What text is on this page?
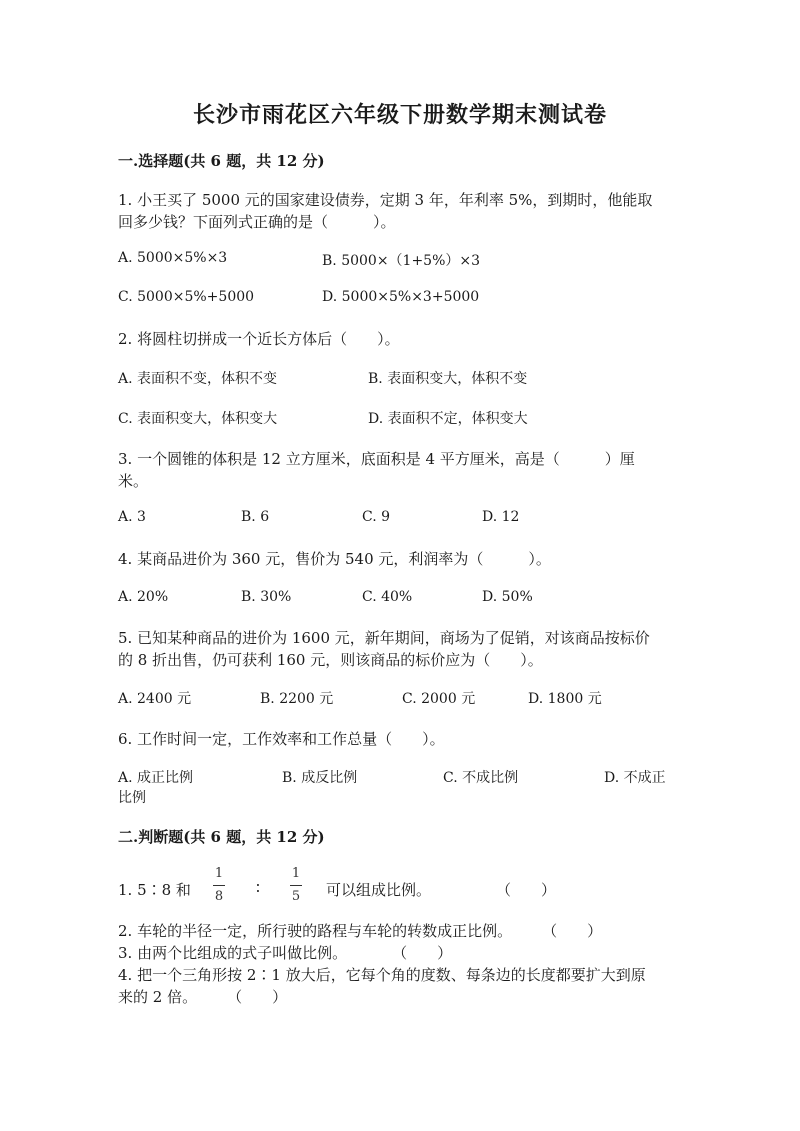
长沙市雨花区六年级下册数学期末测试卷
一.选择题(共 6 题，共 12 分)
1. 小王买了 5000 元的国家建设债券，定期 3 年，年利率 5%，到期时，他能取
回多少钱？下面列式正确的是（　　　）。
A. 5000×5%×3	B. 5000×（1+5%）×3
C. 5000×5%+5000	D. 5000×5%×3+5000
2. 将圆柱切拼成一个近长方体后（　　）。
A. 表面积不变，体积不变	B. 表面积变大，体积不变
C. 表面积变大，体积变大	D. 表面积不定，体积变大
3. 一个圆锥的体积是 12 立方厘米，底面积是 4 平方厘米，高是（　　　）厘
米。
A. 3	B. 6	C. 9	D. 12
4. 某商品进价为 360 元，售价为 540 元，利润率为（　　　）。
A. 20%	B. 30%	C. 40%	D. 50%
5. 已知某种商品的进价为 1600 元，新年期间，商场为了促销，对该商品按标价
的 8 折出售，仍可获利 160 元，则该商品的标价应为（　　）。
A. 2400 元	B. 2200 元	C. 2000 元	D. 1800 元
6. 工作时间一定，工作效率和工作总量（　　）。
A. 成正比例	B. 成反比例	C. 不成比例	D. 不成正
比例
二.判断题(共 6 题，共 12 分)
1. 5∶8 和
1
8 ∶
1
5 可以组成比例。	（　　）
2. 车轮的半径一定，所行驶的路程与车轮的转数成正比例。　　　（　　）
3. 由两个比组成的式子叫做比例。　　　　（　　）
4. 把一个三角形按 2∶1 放大后，它每个角的度数、每条边的长度都要扩大到原
来的 2 倍。　　　（　　）
